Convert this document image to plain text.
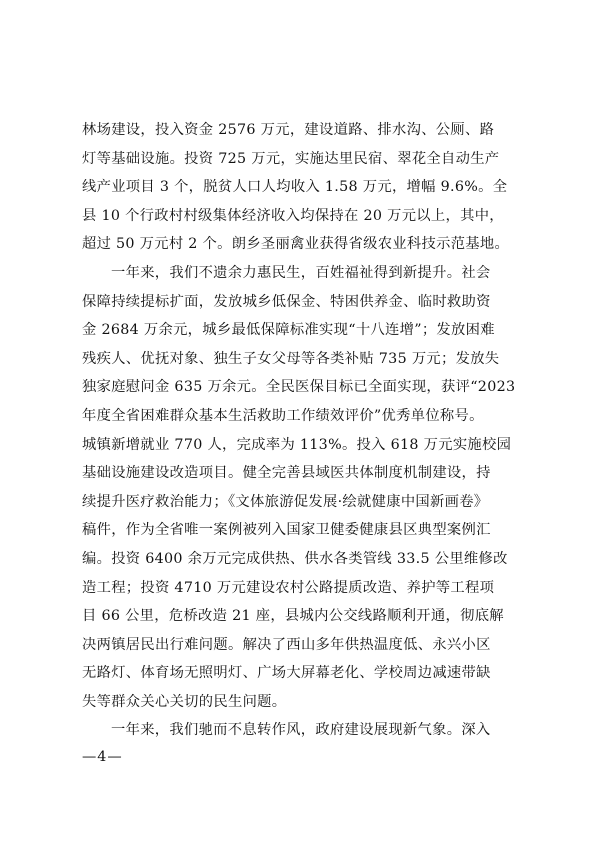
林场建设，投入资金 2576 万元，建设道路、排水沟、公厕、路
灯等基础设施。投资 725 万元，实施达里民宿、翠花全自动生产
线产业项目 3 个，脱贫人口人均收入 1.58 万元，增幅 9.6%。全
县 10 个行政村村级集体经济收入均保持在 20 万元以上，其中，
超过 50 万元村 2 个。朗乡圣丽禽业获得省级农业科技示范基地。
一年来，我们不遗余力惠民生，百姓福祉得到新提升。社会
保障持续提标扩面，发放城乡低保金、特困供养金、临时救助资
金 2684 万余元，城乡最低保障标准实现“十八连增”；发放困难
残疾人、优抚对象、独生子女父母等各类补贴 735 万元；发放失
独家庭慰问金 635 万余元。全民医保目标已全面实现，获评“2023
年度全省困难群众基本生活救助工作绩效评价”优秀单位称号。
城镇新增就业 770 人，完成率为 113%。投入 618 万元实施校园
基础设施建设改造项目。健全完善县域医共体制度机制建设，持
续提升医疗救治能力；《文体旅游促发展·绘就健康中国新画卷》
稿件，作为全省唯一案例被列入国家卫健委健康县区典型案例汇
编。投资 6400 余万元完成供热、供水各类管线 33.5 公里维修改
造工程；投资 4710 万元建设农村公路提质改造、养护等工程项
目 66 公里，危桥改造 21 座，县城内公交线路顺利开通，彻底解
决两镇居民出行难问题。解决了西山多年供热温度低、永兴小区
无路灯、体育场无照明灯、广场大屏幕老化、学校周边减速带缺
失等群众关心关切的民生问题。
一年来，我们驰而不息转作风，政府建设展现新气象。深入
—4—
